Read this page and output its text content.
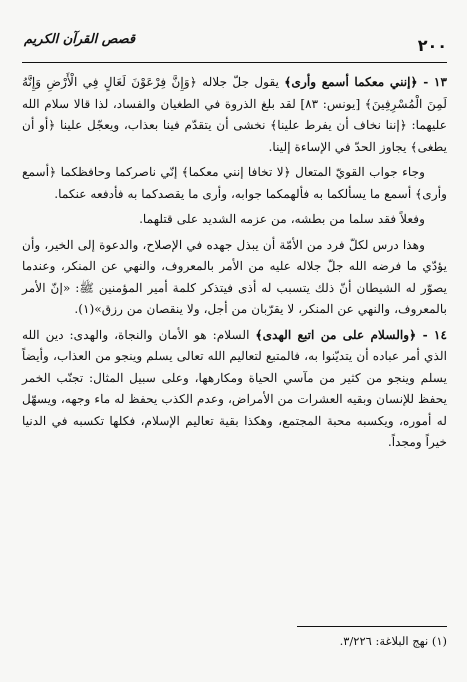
٢٠٠
قصص القرآن الكريم

١٣ - ﴿إنني معكما أسمع وأرى﴾ يقول جلّ جلاله ﴿وَإِنَّ فِرْعَوْنَ لَعَالٍ فِي الْأَرْضِ وَإِنَّهُ لَمِنَ الْمُسْرِفِينَ﴾ [يونس: ٨٣] لقد بلغ الذروة في الطغيان والفساد، لذا قالا سلام الله عليهما: ﴿إننا نخاف أن يفرط علينا﴾ نخشى أن يتقدّم فينا بعذاب، ويعجّل علينا ﴿أو أن يطغى﴾ يجاوز الحدّ في الإساءة إلينا.

وجاء جواب القويّ المتعال ﴿لا تخافا إنني معكما﴾ إنّي ناصركما وحافظكما ﴿أسمع وأرى﴾ أسمع ما يسألكما به فألهمكما جوابه، وأرى ما يقصدكما به فأدفعه عنكما.

وفعلاً فقد سلما من بطشه، من عزمه الشديد على قتلهما.

وهذا درس لكلّ فرد من الأمّة أن يبذل جهده في الإصلاح، والدعوة إلى الخير، وأن يؤدّي ما فرضه الله جلّ جلاله عليه من الأمر بالمعروف، والنهي عن المنكر، وعندما يصوّر له الشيطان أنّ ذلك يتسبب له أذى فيتذكر كلمة أمير المؤمنين ﷺ: «إنّ الأمر بالمعروف، والنهي عن المنكر، لا يقرّبان من أجل، ولا ينقصان من رزق»(١).

١٤ - ﴿والسلام على من اتبع الهدى﴾ السلام: هو الأمان والنجاة، والهدى: دين الله الذي أمر عباده أن يتديّنوا به، فالمتبع لتعاليم الله تعالى يسلم وينجو من العذاب، وأيضاً يسلم وينجو من كثير من مآسي الحياة ومكارهها، وعلى سبيل المثال: تجنّب الخمر يحفظ للإنسان وبقيه العشرات من الأمراض، وعدم الكذب يحفظ له ماء وجهه، ويسهّل له أموره، ويكسبه محبة المجتمع، وهكذا بقية تعاليم الإسلام، فكلها تكسبه في الدنيا خيراً ومجداً.

(١) نهج البلاغة: ٣/٢٢٦.
